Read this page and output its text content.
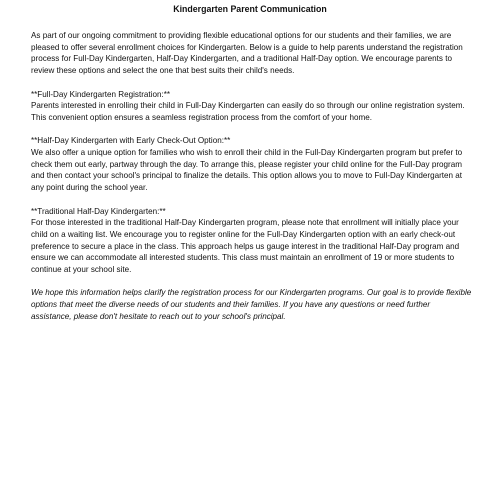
Kindergarten Parent Communication

As part of our ongoing commitment to providing flexible educational options for our students and their families, we are pleased to offer several enrollment choices for Kindergarten. Below is a guide to help parents understand the registration process for Full-Day Kindergarten, Half-Day Kindergarten, and a traditional Half-Day option. We encourage parents to review these options and select the one that best suits their child's needs.

**Full-Day Kindergarten Registration:**

Parents interested in enrolling their child in Full-Day Kindergarten can easily do so through our online registration system. This convenient option ensures a seamless registration process from the comfort of your home.

**Half-Day Kindergarten with Early Check-Out Option:**

We also offer a unique option for families who wish to enroll their child in the Full-Day Kindergarten program but prefer to check them out early, partway through the day. To arrange this, please register your child online for the Full-Day program and then contact your school's principal to finalize the details. This option allows you to move to Full-Day Kindergarten at any point during the school year.

**Traditional Half-Day Kindergarten:**

For those interested in the traditional Half-Day Kindergarten program, please note that enrollment will initially place your child on a waiting list. We encourage you to register online for the Full-Day Kindergarten option with an early check-out preference to secure a place in the class. This approach helps us gauge interest in the traditional Half-Day program and ensure we can accommodate all interested students. This class must maintain an enrollment of 19 or more students to continue at your school site.

We hope this information helps clarify the registration process for our Kindergarten programs. Our goal is to provide flexible options that meet the diverse needs of our students and their families. If you have any questions or need further assistance, please don't hesitate to reach out to your school's principal.
